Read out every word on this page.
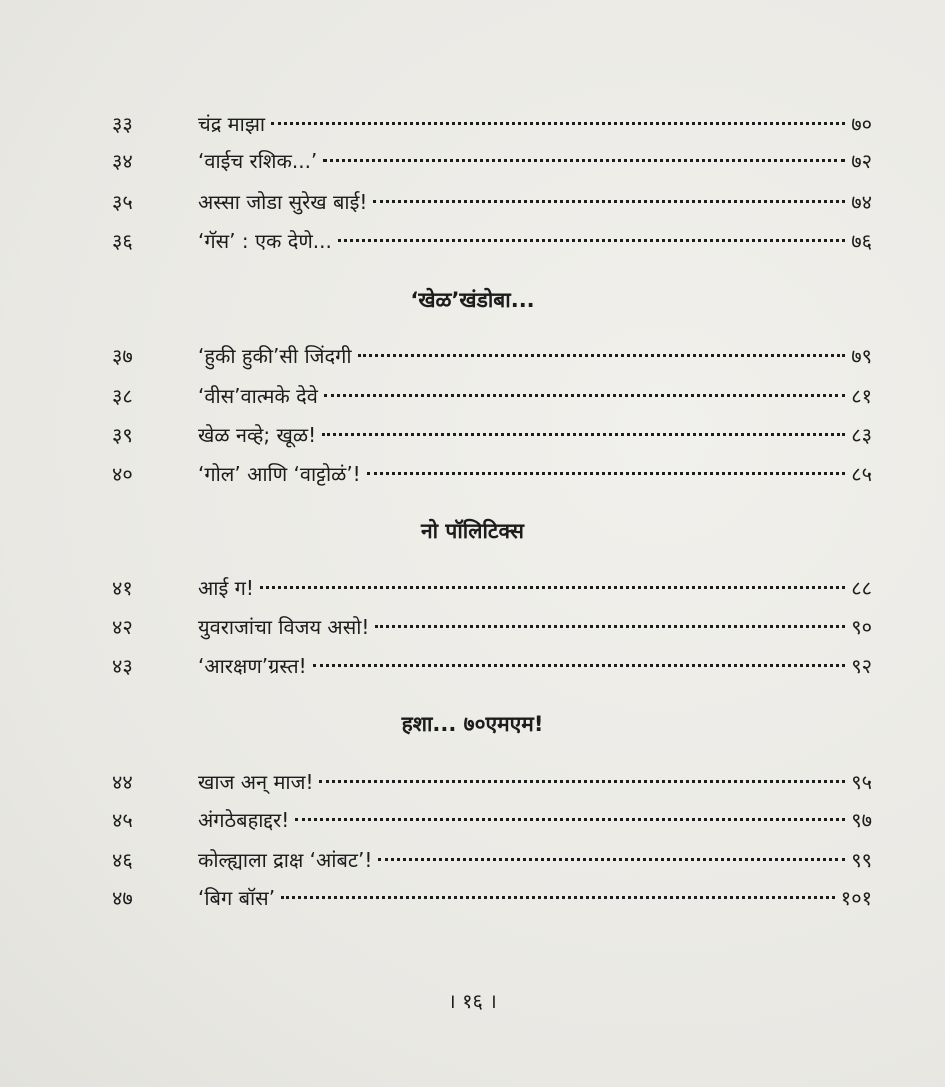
३३	चंद्र माझा	७०
३४	‘वाईच रशिक...’	७२
३५	अस्सा जोडा सुरेख बाई!	७४
३६	‘गॅस’ : एक देणे...	७६
‘खेळ’खंडोबा...
३७	‘हुकी हुकी’सी जिंदगी	७९
३८	‘वीस’वात्मके देवे	८१
३९	खेळ नव्हे; खूळ!	८३
४०	‘गोल’ आणि ‘वाट्टोळं’!	८५
नो पॉलिटिक्स
४१	आई ग!	८८
४२	युवराजांचा विजय असो!	९०
४३	‘आरक्षण’ग्रस्त!	९२
हशा... ७०एमएम!
४४	खाज अन् माज!	९५
४५	अंगठेबहाद्दर!	९७
४६	कोल्ह्याला द्राक्ष ‘आंबट’!	९९
४७	‘बिग बॉस’	१०१
। १६ ।
